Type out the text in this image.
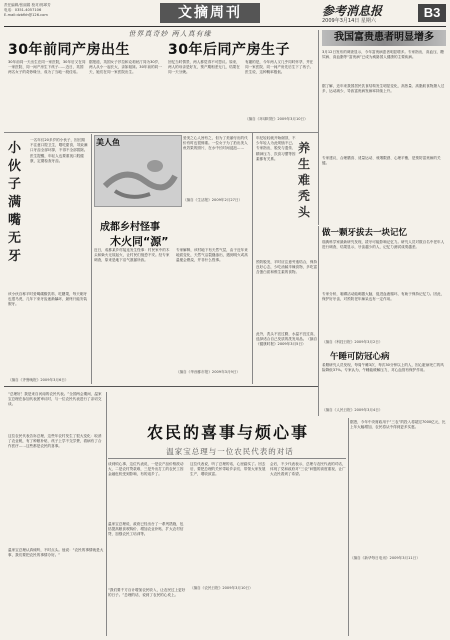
责任编辑/张丽娟 校对/郭翠芳
电话：0351-4057106
E-mail:dzbfkh@126.com	文摘周刊	参考消息报
2009年3月14日 星期六
B3
世界真奇妙 两人真有缘
30年前同产房出生	30年后同产房生子
30年前同一天出生在同一家医院，30年后又在同一家医院、同一间产房生下孩子……近日，英国两名女子的奇妙缘分，成为了当地一段佳话。
据报道，英国女子莎拉和克莉丝汀同为30岁，两人从小一起长大，亲如姐妹。30年前的同一天，她们在同一家医院出生。
回忆当时情景，两人都觉得不可思议。原来，两人的母亲是好友，预产期相差无几，结果在同一天分娩。
有趣的是，今年两人又几乎同时怀孕，并在同一家医院、同一间产房先后生下了孩子。医生说，这种概率极低。
（摘自《环球时报》2009年3月10日）
我国富贵患者明显增多
3月12日发布的调查显示，今年富贵病患者明显增多。专家指出，高血压、糖尿病、高血脂等“富贵病”已成为威胁国人健康的主要疾病。
据了解，近年来我国居民饮食结构发生明显变化，高热量、高脂肪食物摄入过多，运动减少，导致富贵病发病率持续上升。
专家建议，合理膳食、适量运动、戒烟限酒、心理平衡，是预防富贵病的关键。
小
伙
子
满
嘴
无
牙
一名年仅20多岁的小伙子，因长期不注意口腔卫生，嗜吃甜食，导致满口牙齿全部坏掉，不得不全部拔除。医生提醒，年轻人也要重视口腔健康，定期检查牙齿。
该小伙自称平时爱喝碳酸饮料、吃糖果，每天刷牙也很马虎，几年下来牙齿逐渐龋坏，最终只能安装假牙。
（摘自《齐鲁晚报》2009年3月6日）
美人鱼	爱美之心人皆有之，但为了美丽付出的代价有时也很惨重。一位女子为了拍出美人鱼效果的照片，在水中长时间浸泡……
（摘自《生活报》2009年2月27日）
成都乡村怪事
木火同“源”
近日，成都某乡村接连发生怪事：村民家中的木头和柴火无故起火，让村民们惶恐不安。经专家调查，原来是地下沼气泄漏所致。
专家解释，该村地下有天然气层，由于近年来地质变化，天然气沿裂缝渗出，遇到明火或高温便会燃烧，并非什么怪事。
（摘自《华西都市报》2009年3月9日）
年纪轻轻就开始谢顶，不少年轻人为此烦恼不已。专家指出，脱发与遗传、精神压力、饮食习惯等因素都有关系。
养生难秃头
预防脱发，平时应注意劳逸结合，保持良好心态，少吃油腻辛辣食物，多吃富含蛋白质和维生素的食物。
此外，洗头不宜过勤，水温不宜过高，选择适合自己发质的洗发用品。（摘自《健康时报》2009年3月5日）
做一颗牙拔去一块记忆
瑞典科学家最新研究发现，拔牙可能影响记忆力。研究人员对数百名中老年人进行调查，结果显示，牙齿越少的人，记忆力测试成绩越差。
专家分析，咀嚼活动能刺激大脑，促进血液循环，有助于保持记忆力。因此，保护好牙齿，对预防老年痴呆也有一定作用。
（摘自《科技日报》2009年3月2日）
午睡可防冠心病
希腊研究人员发现，每周午睡3次、每次30分钟以上的人，因心脏病死亡的风险降低37%。专家认为，午睡能缓解压力，对心血管有保护作用。
（摘自《人民日报》2009年3月4日）
“总理好！我是来自河南的农民代表。”全国两会期间，温家宝总理在参加代表团审议时，与一位农民代表进行了亲切交谈。
这位农民代表告诉总理，这些年农村发生了很大变化：取消了农业税，有了种粮补贴，孩子上学不交学费，看病有了合作医疗……这些都是农民的喜事。
温家宝总理认真倾听，不时点头。他说：“农民的事情就是大事，我们要把农民的事情办好。”
农民的喜事与烦心事
温家宝总理与一位农民代表的对话
谈到烦心事，这位代表说，一是农产品价格波动大，二是农村贷款难，三是外出打工的农民工因金融危机受到影响，有的返乡了。
温家宝总理说，政府已经出台了一系列措施，包括提高粮食收购价、增加农业补贴、扩大农村信贷、加强农民工培训等。
“我们要千方百计增加农民收入，让农民过上更好的日子。”总理的话，说到了农民的心坎上。
这位代表说，听了总理的话，心里踏实了。回去后，要把总理的关怀带给乡亲们，带领大家发展生产，增收致富。
（摘自《农民日报》2009年3月10日）
会后，不少代表表示，总理与农民代表的对话，体现了党和政府对“三农”问题的高度重视，让广大农民看到了希望。
据悉，今年中央财政用于“三农”的投入将超过7000亿元，比上年大幅增加，农民将从中得到更多实惠。
（摘自《新华每日电讯》2009年3月11日）
